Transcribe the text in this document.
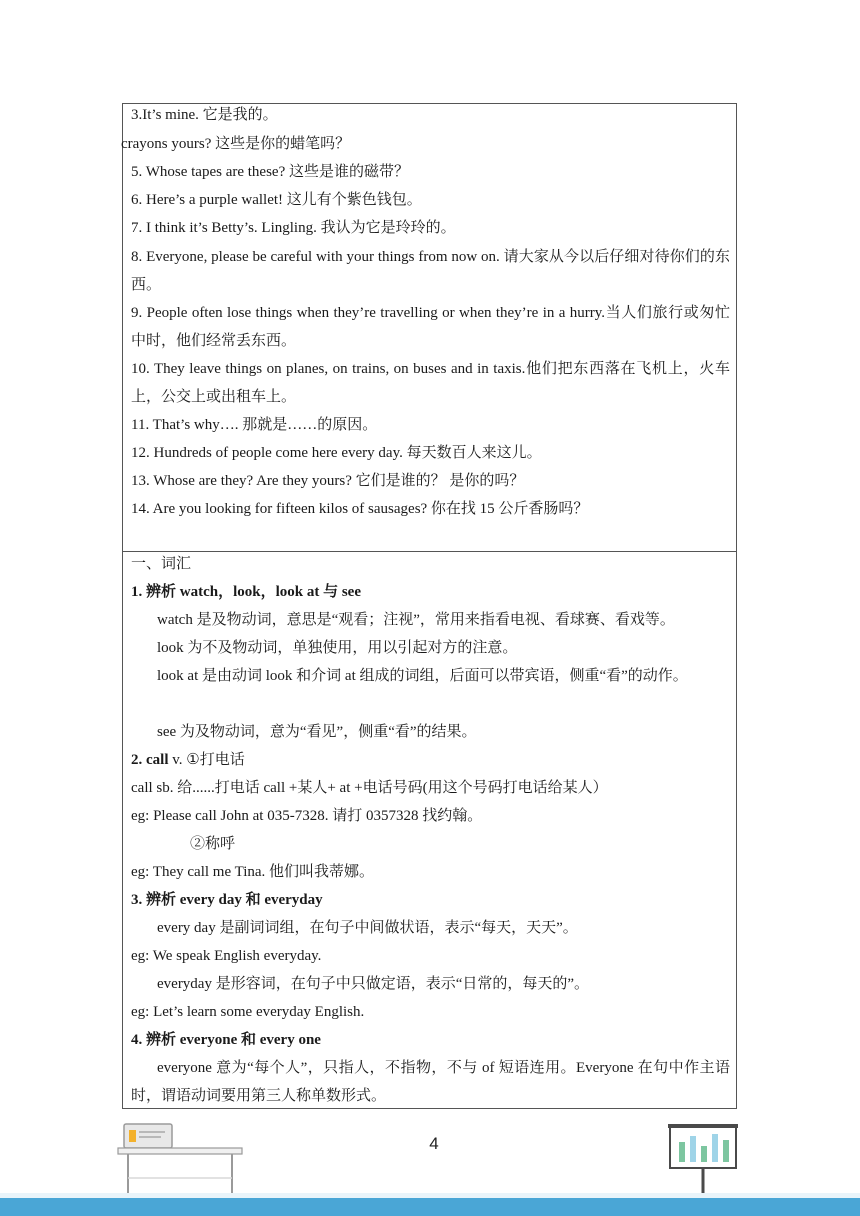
3.It’s mine. 它是我的。
crayons yours? 这些是你的蜡笔吗？
5. Whose tapes are these? 这些是谁的磁带？
6. Here’s a purple wallet! 这儿有个紫色钱包。
7. I think it’s Betty’s. Lingling. 我认为它是玲玲的。
8. Everyone, please be careful with your things from now on. 请大家从今以后仔细对待你们的东西。
9. People often lose things when they’re travelling or when they’re in a hurry.当人们旅行或匆忙中时，他们经常丢东西。
10. They leave things on planes, on trains, on buses and in taxis.他们把东西落在飞机上，火车上，公交上或出租车上。
11. That’s why…. 那就是……的原因。
12. Hundreds of people come here every day. 每天数百人来这儿。
13. Whose are they? Are they yours? 它们是谁的？ 是你的吗？
14. Are you looking for fifteen kilos of sausages? 你在找 15 公斤香肠吗？
一、词汇
1. 辨析 watch，look，look at 与 see
watch 是及物动词，意思是“观看；注视”，常用来指看电视、看球赛、看戏等。
look 为不及物动词，单独使用，用以引起对方的注意。
look at 是由动词 look 和介词 at 组成的词组，后面可以带宾语，侧重“看”的动作。
see 为及物动词，意为“看见”，侧重“看”的结果。
2. call v. ①打电话
call sb. 给......打电话 call +某人+ at +电话号码(用这个号码打电话给某人）
eg: Please call John at 035-7328. 请打 0357328 找约翰。
②称呼
eg: They call me Tina. 他们叫我蒂娜。
3. 辨析 every day 和 everyday
every day 是副词词组，在句子中间做状语，表示“每天，天天”。
eg: We speak English everyday.
everyday 是形容词，在句子中只做定语，表示“日常的，每天的”。
eg: Let’s learn some everyday English.
4. 辨析 everyone 和 every one
everyone 意为“每个人”，只指人，不指物，不与 of 短语连用。Everyone 在句中作主语时，谓语动词要用第三人称单数形式。
4
